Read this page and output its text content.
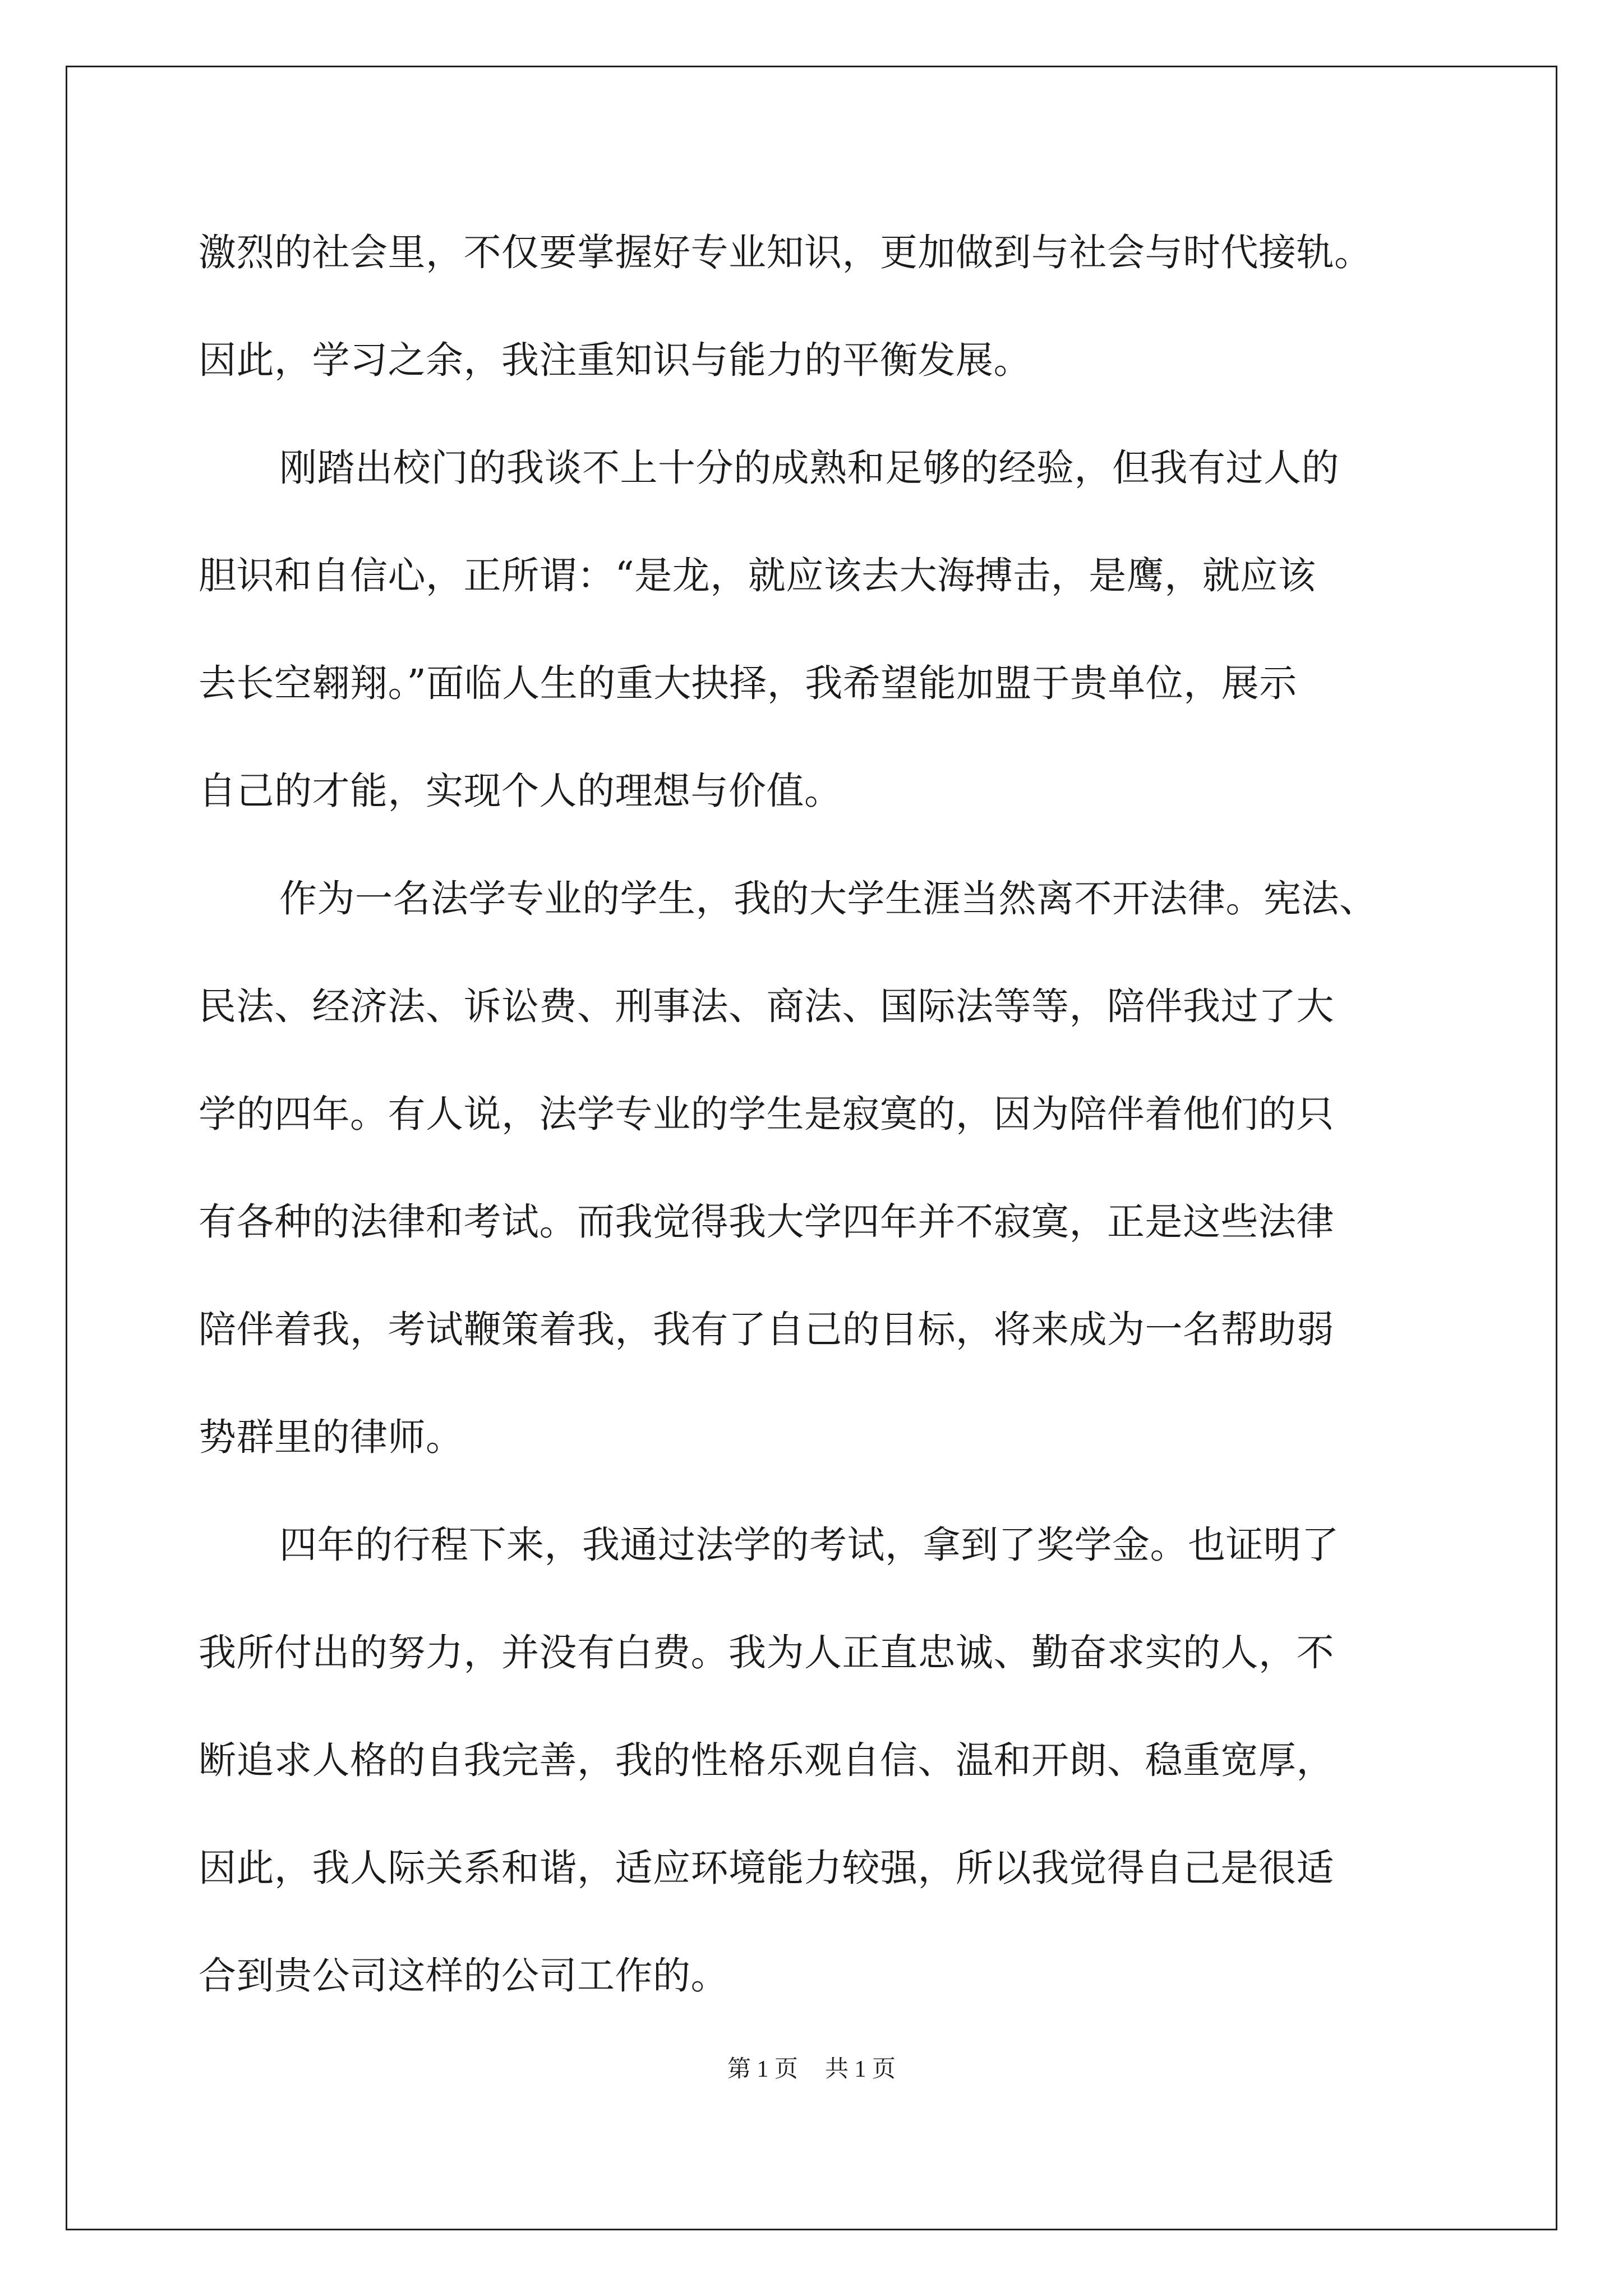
激烈的社会里，不仅要掌握好专业知识，更加做到与社会与时代接轨。
因此，学习之余，我注重知识与能力的平衡发展。
刚踏出校门的我谈不上十分的成熟和足够的经验，但我有过人的
胆识和自信心，正所谓：“是龙，就应该去大海搏击，是鹰，就应该
去长空翱翔。”面临人生的重大抉择，我希望能加盟于贵单位，展示
自己的才能，实现个人的理想与价值。
作为一名法学专业的学生，我的大学生涯当然离不开法律。宪法、
民法、经济法、诉讼费、刑事法、商法、国际法等等，陪伴我过了大
学的四年。有人说，法学专业的学生是寂寞的，因为陪伴着他们的只
有各种的法律和考试。而我觉得我大学四年并不寂寞，正是这些法律
陪伴着我，考试鞭策着我，我有了自己的目标，将来成为一名帮助弱
势群里的律师。
四年的行程下来，我通过法学的考试，拿到了奖学金。也证明了
我所付出的努力，并没有白费。我为人正直忠诚、勤奋求实的人，不
断追求人格的自我完善，我的性格乐观自信、温和开朗、稳重宽厚，
因此，我人际关系和谐，适应环境能力较强，所以我觉得自己是很适
合到贵公司这样的公司工作的。
第 1 页 共 1 页
